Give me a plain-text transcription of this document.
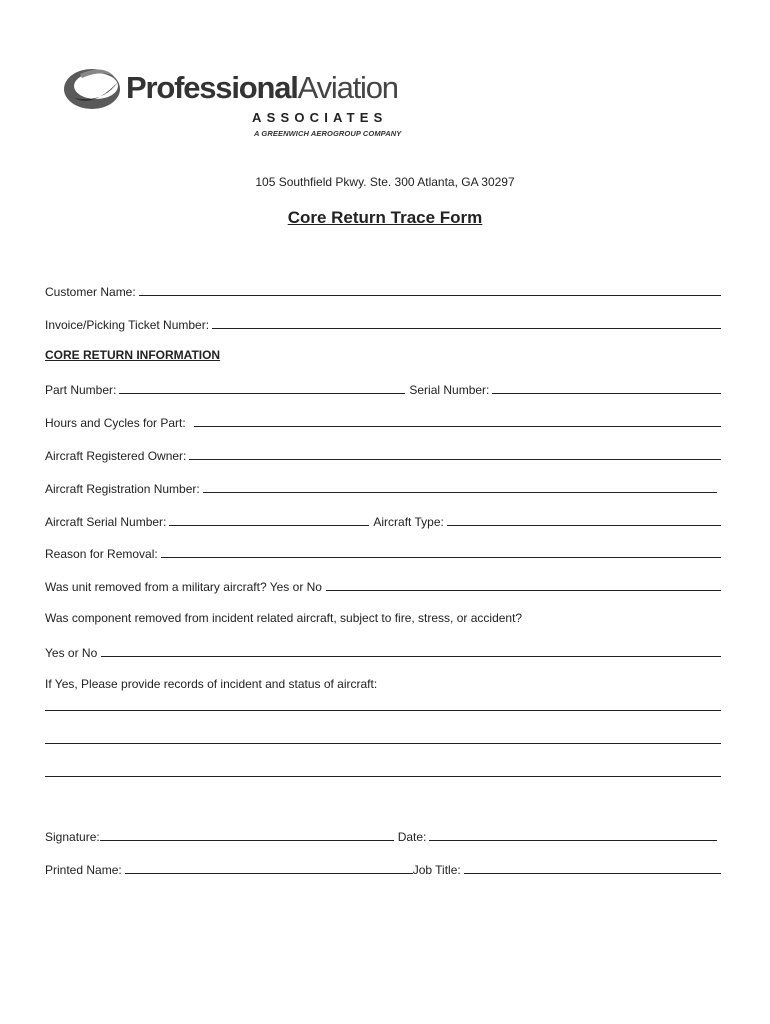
ProfessionalAviation
ASSOCIATES
A GREENWICH AEROGROUP COMPANY
105 Southfield Pkwy. Ste. 300 Atlanta, GA 30297
Core Return Trace Form
Customer Name:
Invoice/Picking Ticket Number:
CORE RETURN INFORMATION
Part Number:	Serial Number:
Hours and Cycles for Part:
Aircraft Registered Owner:
Aircraft Registration Number:
Aircraft Serial Number:	Aircraft Type:
Reason for Removal:
Was unit removed from a military aircraft? Yes or No
Was component removed from incident related aircraft, subject to fire, stress, or accident?
Yes or No
If Yes, Please provide records of incident and status of aircraft:
Signature:	Date:
Printed Name:	Job Title:
